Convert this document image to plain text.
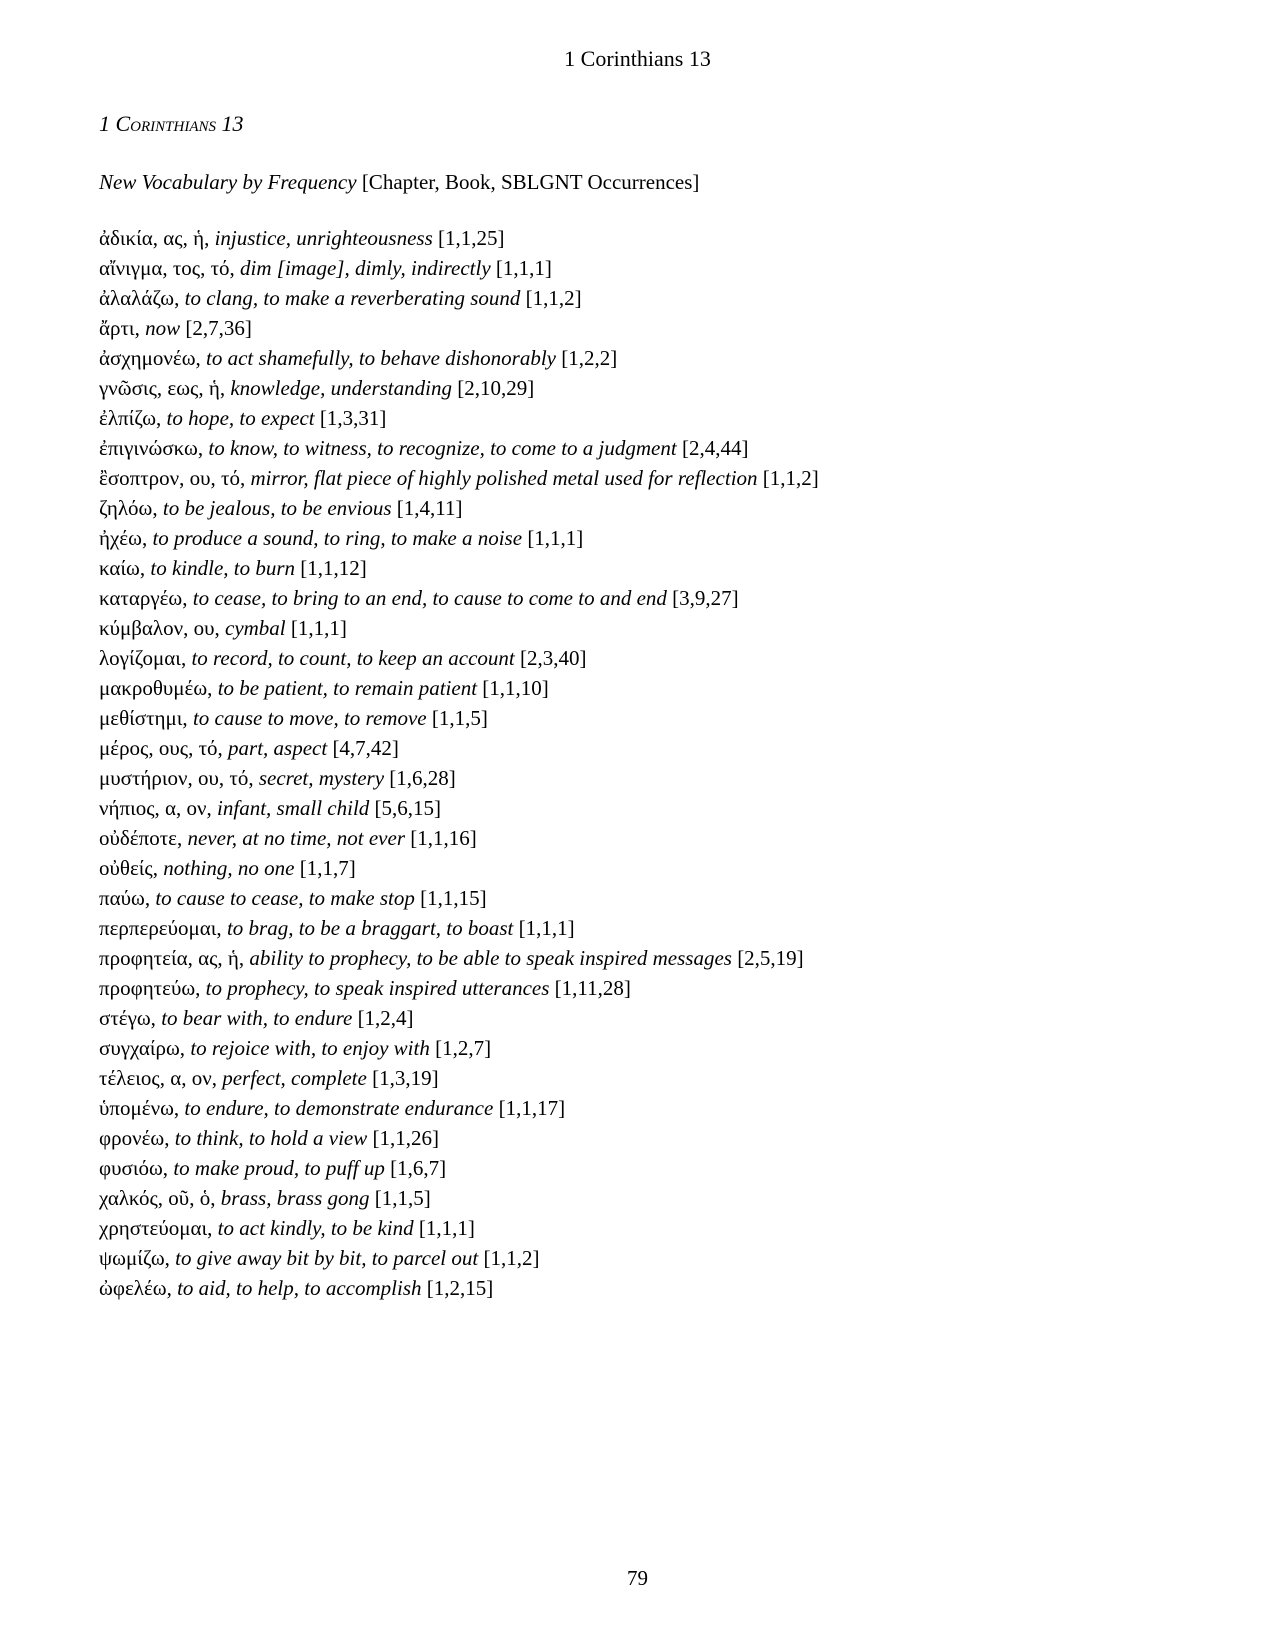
1 Corinthians 13
1 Corinthians 13
New Vocabulary by Frequency [Chapter, Book, SBLGNT Occurrences]
ἀδικία, ας, ἡ, injustice, unrighteousness [1,1,25]
αἴνιγμα, τος, τό, dim [image], dimly, indirectly [1,1,1]
ἀλαλάζω, to clang, to make a reverberating sound [1,1,2]
ἄρτι, now [2,7,36]
ἀσχημονέω, to act shamefully, to behave dishonorably [1,2,2]
γνῶσις, εως, ἡ, knowledge, understanding [2,10,29]
ἐλπίζω, to hope, to expect [1,3,31]
ἐπιγινώσκω, to know, to witness, to recognize, to come to a judgment [2,4,44]
ἒσοπτρον, ου, τό, mirror, flat piece of highly polished metal used for reflection [1,1,2]
ζηλόω, to be jealous, to be envious [1,4,11]
ἠχέω, to produce a sound, to ring, to make a noise [1,1,1]
καίω, to kindle, to burn [1,1,12]
καταργέω, to cease, to bring to an end, to cause to come to and end [3,9,27]
κύμβαλον, ου, cymbal [1,1,1]
λογίζομαι, to record, to count, to keep an account [2,3,40]
μακροθυμέω, to be patient, to remain patient [1,1,10]
μεθίστημι, to cause to move, to remove [1,1,5]
μέρος, ους, τό, part, aspect [4,7,42]
μυστήριον, ου, τό, secret, mystery [1,6,28]
νήπιος, α, ον, infant, small child [5,6,15]
οὐδέποτε, never, at no time, not ever [1,1,16]
οὐθείς, nothing, no one [1,1,7]
παύω, to cause to cease, to make stop [1,1,15]
περπερεύομαι, to brag, to be a braggart, to boast [1,1,1]
προφητεία, ας, ἡ, ability to prophecy, to be able to speak inspired messages [2,5,19]
προφητεύω, to prophecy, to speak inspired utterances [1,11,28]
στέγω, to bear with, to endure [1,2,4]
συγχαίρω, to rejoice with, to enjoy with [1,2,7]
τέλειος, α, ον, perfect, complete [1,3,19]
ὑπομένω, to endure, to demonstrate endurance [1,1,17]
φρονέω, to think, to hold a view [1,1,26]
φυσιόω, to make proud, to puff up [1,6,7]
χαλκός, οῦ, ὁ, brass, brass gong [1,1,5]
χρηστεύομαι, to act kindly, to be kind [1,1,1]
ψωμίζω, to give away bit by bit, to parcel out [1,1,2]
ὠφελέω, to aid, to help, to accomplish [1,2,15]
79
